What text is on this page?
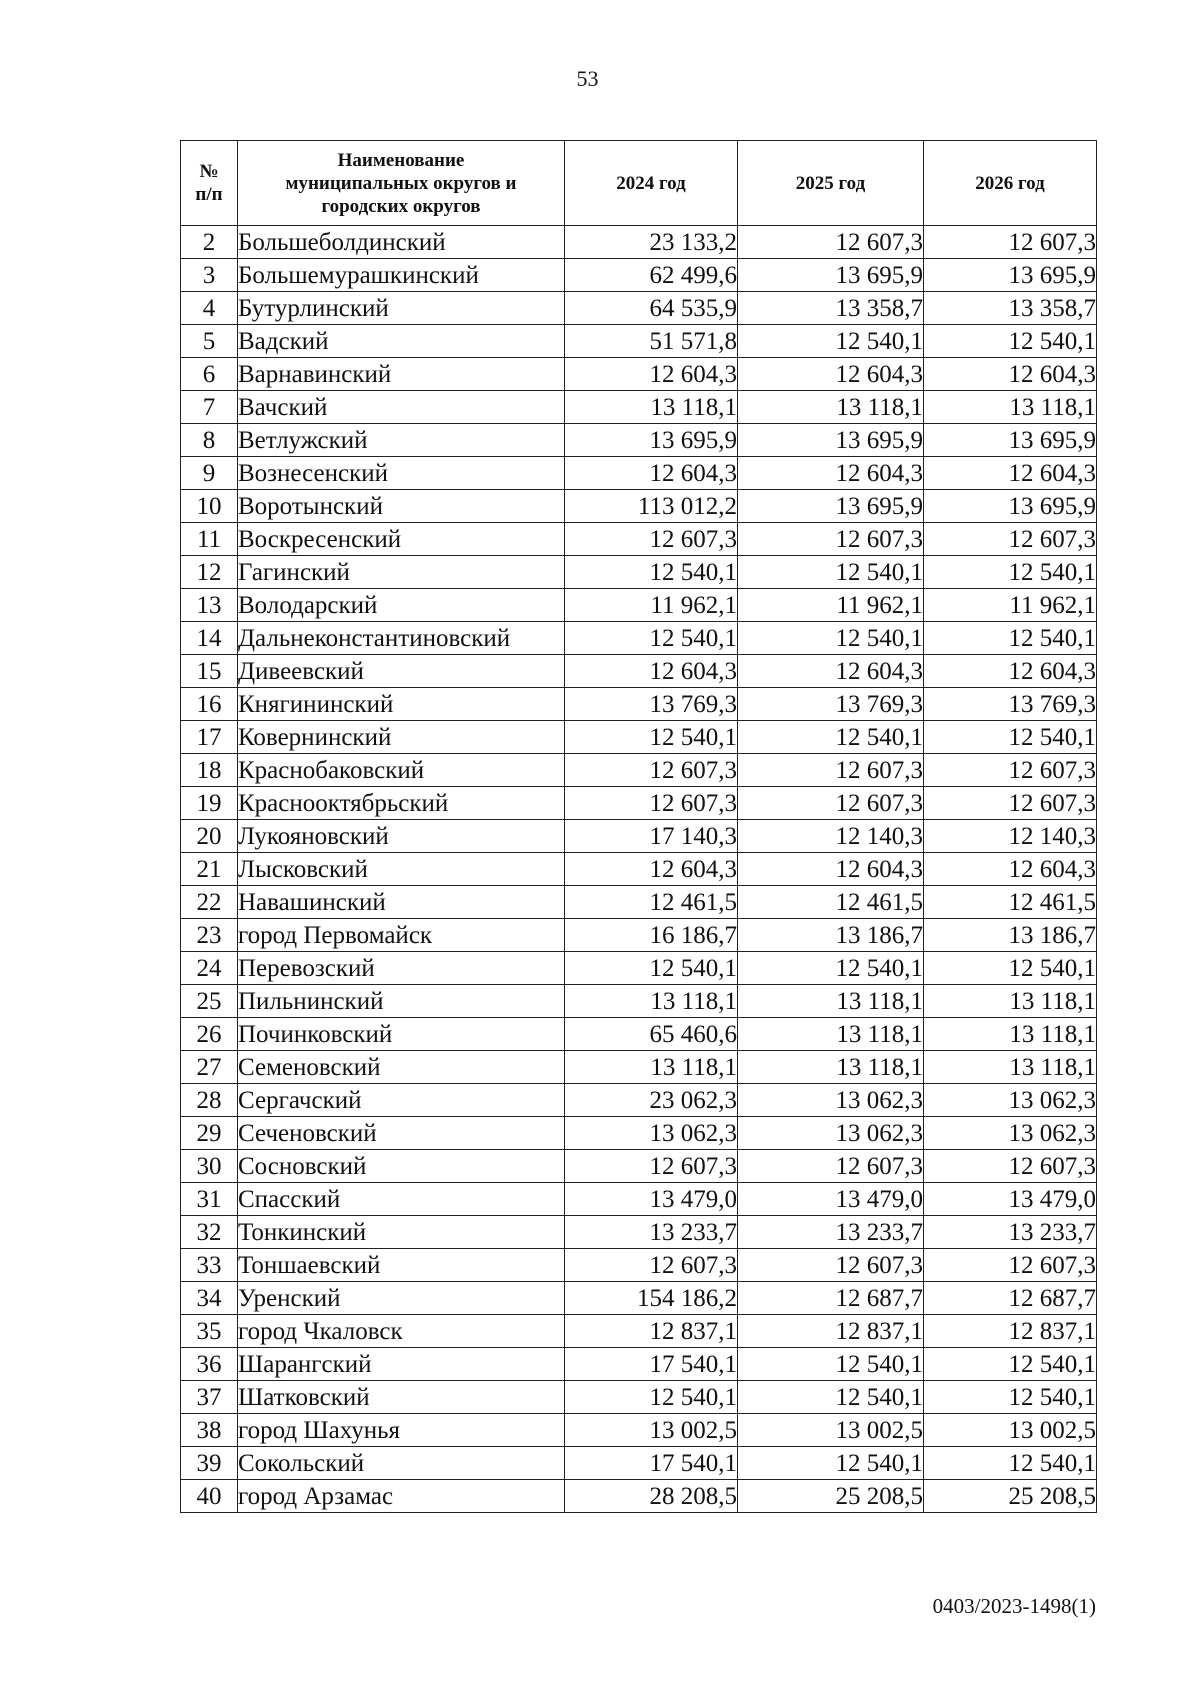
53
№ п/п	Наименование муниципальных округов и городских округов	2024 год	2025 год	2026 год
2	Большеболдинский	23 133,2	12 607,3	12 607,3
3	Большемурашкинский	62 499,6	13 695,9	13 695,9
4	Бутурлинский	64 535,9	13 358,7	13 358,7
5	Вадский	51 571,8	12 540,1	12 540,1
6	Варнавинский	12 604,3	12 604,3	12 604,3
7	Вачский	13 118,1	13 118,1	13 118,1
8	Ветлужский	13 695,9	13 695,9	13 695,9
9	Вознесенский	12 604,3	12 604,3	12 604,3
10	Воротынский	113 012,2	13 695,9	13 695,9
11	Воскресенский	12 607,3	12 607,3	12 607,3
12	Гагинский	12 540,1	12 540,1	12 540,1
13	Володарский	11 962,1	11 962,1	11 962,1
14	Дальнеконстантиновский	12 540,1	12 540,1	12 540,1
15	Дивеевский	12 604,3	12 604,3	12 604,3
16	Княгининский	13 769,3	13 769,3	13 769,3
17	Ковернинский	12 540,1	12 540,1	12 540,1
18	Краснобаковский	12 607,3	12 607,3	12 607,3
19	Краснооктябрьский	12 607,3	12 607,3	12 607,3
20	Лукояновский	17 140,3	12 140,3	12 140,3
21	Лысковский	12 604,3	12 604,3	12 604,3
22	Навашинский	12 461,5	12 461,5	12 461,5
23	город Первомайск	16 186,7	13 186,7	13 186,7
24	Перевозский	12 540,1	12 540,1	12 540,1
25	Пильнинский	13 118,1	13 118,1	13 118,1
26	Починковский	65 460,6	13 118,1	13 118,1
27	Семеновский	13 118,1	13 118,1	13 118,1
28	Сергачский	23 062,3	13 062,3	13 062,3
29	Сеченовский	13 062,3	13 062,3	13 062,3
30	Сосновский	12 607,3	12 607,3	12 607,3
31	Спасский	13 479,0	13 479,0	13 479,0
32	Тонкинский	13 233,7	13 233,7	13 233,7
33	Тоншаевский	12 607,3	12 607,3	12 607,3
34	Уренский	154 186,2	12 687,7	12 687,7
35	город Чкаловск	12 837,1	12 837,1	12 837,1
36	Шарангский	17 540,1	12 540,1	12 540,1
37	Шатковский	12 540,1	12 540,1	12 540,1
38	город Шахунья	13 002,5	13 002,5	13 002,5
39	Сокольский	17 540,1	12 540,1	12 540,1
40	город Арзамас	28 208,5	25 208,5	25 208,5
0403/2023-1498(1)
